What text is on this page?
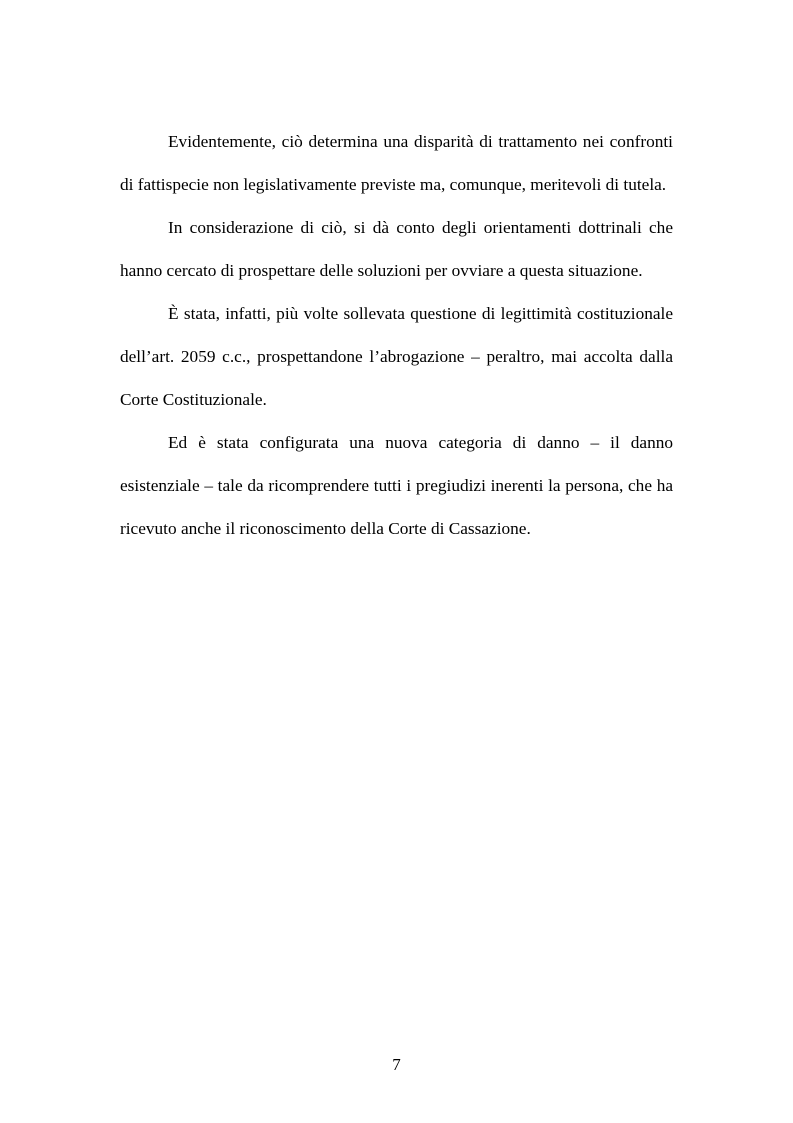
Evidentemente, ciò determina una disparità di trattamento nei confronti di fattispecie non legislativamente previste ma, comunque, meritevoli di tutela.

In considerazione di ciò, si dà conto degli orientamenti dottrinali che hanno cercato di prospettare delle soluzioni per ovviare a questa situazione.

È stata, infatti, più volte sollevata questione di legittimità costituzionale dell’art. 2059 c.c., prospettandone l’abrogazione – peraltro, mai accolta dalla Corte Costituzionale.

Ed è stata configurata una nuova categoria di danno – il danno esistenziale – tale da ricomprendere tutti i pregiudizi inerenti la persona, che ha ricevuto anche il riconoscimento della Corte di Cassazione.

7
